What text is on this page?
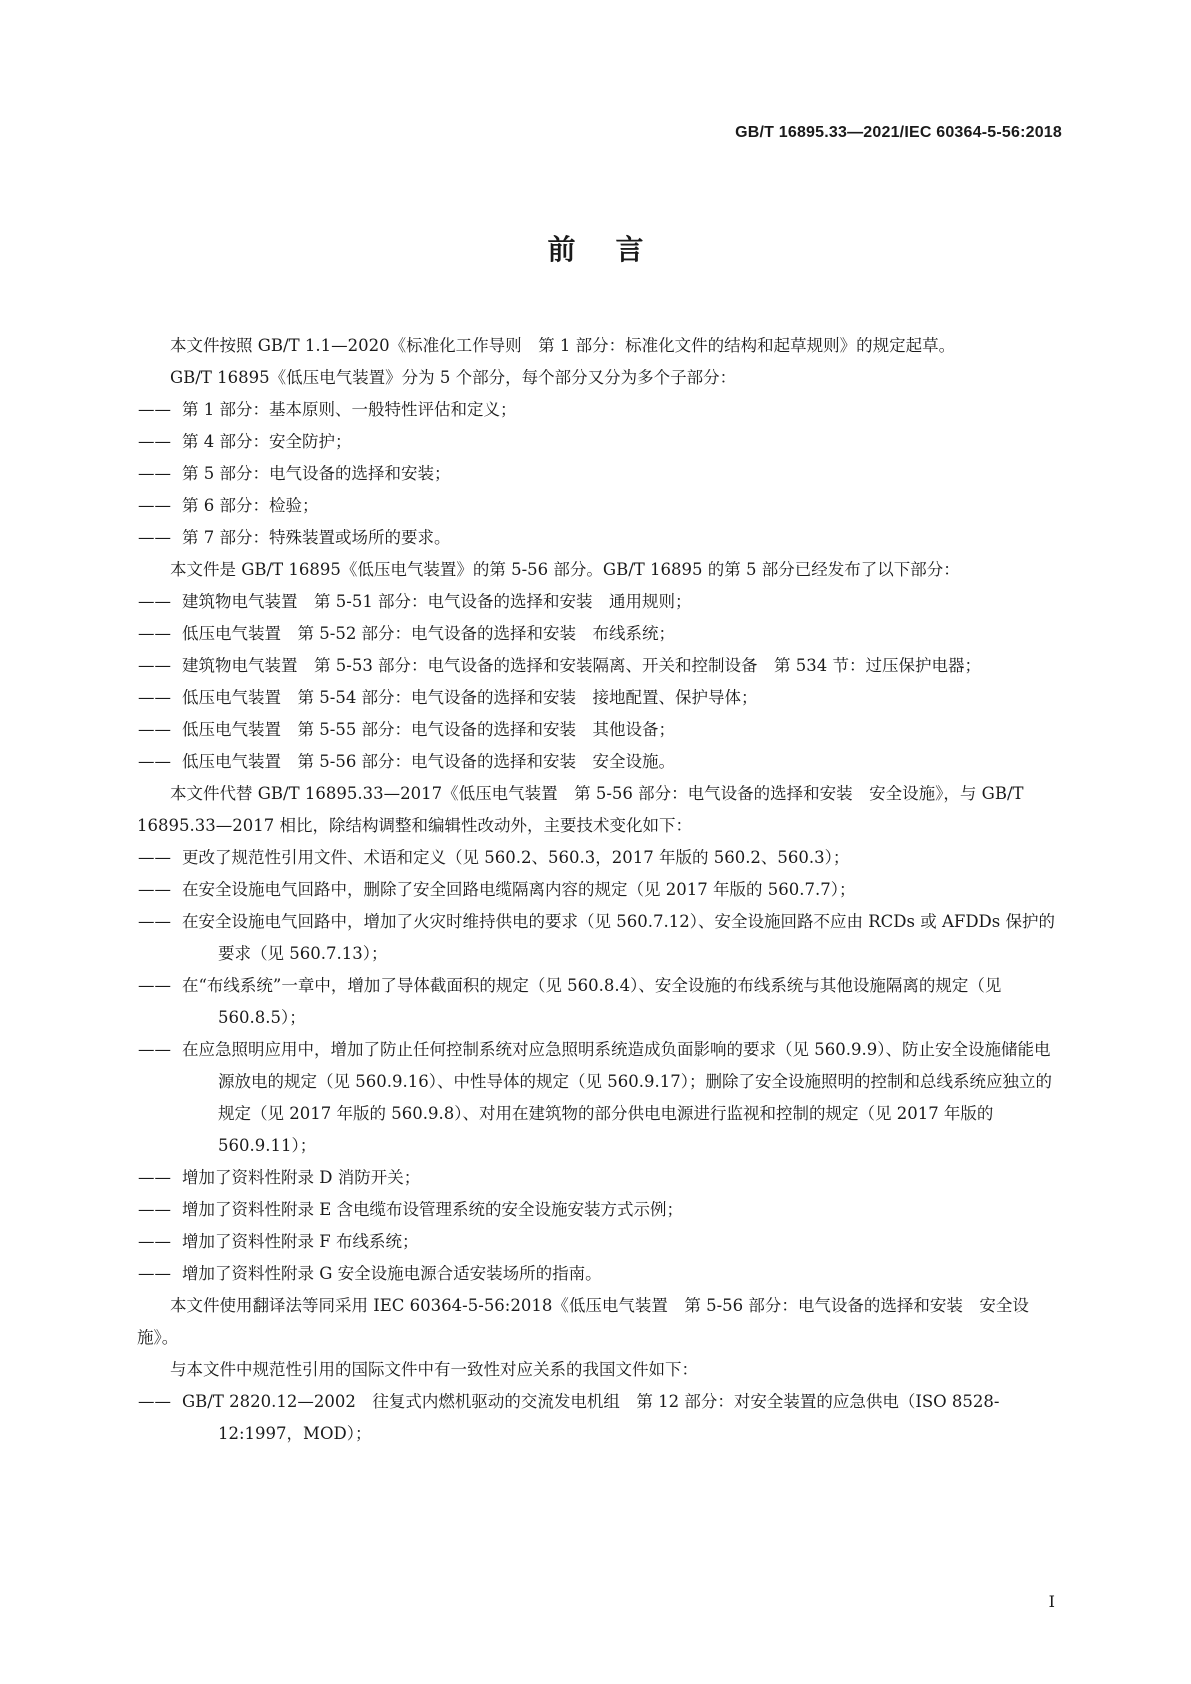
GB/T 16895.33—2021/IEC 60364-5-56:2018
前言
本文件按照 GB/T 1.1—2020《标准化工作导则　第 1 部分：标准化文件的结构和起草规则》的规定起草。
GB/T 16895《低压电气装置》分为 5 个部分，每个部分又分为多个子部分：
—— 第 1 部分：基本原则、一般特性评估和定义；
—— 第 4 部分：安全防护；
—— 第 5 部分：电气设备的选择和安装；
—— 第 6 部分：检验；
—— 第 7 部分：特殊装置或场所的要求。
本文件是 GB/T 16895《低压电气装置》的第 5-56 部分。GB/T 16895 的第 5 部分已经发布了以下部分：
—— 建筑物电气装置　第 5-51 部分：电气设备的选择和安装　通用规则；
—— 低压电气装置　第 5-52 部分：电气设备的选择和安装　布线系统；
—— 建筑物电气装置　第 5-53 部分：电气设备的选择和安装隔离、开关和控制设备　第 534 节：过压保护电器；
—— 低压电气装置　第 5-54 部分：电气设备的选择和安装　接地配置、保护导体；
—— 低压电气装置　第 5-55 部分：电气设备的选择和安装　其他设备；
—— 低压电气装置　第 5-56 部分：电气设备的选择和安装　安全设施。
本文件代替 GB/T 16895.33—2017《低压电气装置　第 5-56 部分：电气设备的选择和安装　安全设施》，与 GB/T 16895.33—2017 相比，除结构调整和编辑性改动外，主要技术变化如下：
—— 更改了规范性引用文件、术语和定义（见 560.2、560.3，2017 年版的 560.2、560.3）；
—— 在安全设施电气回路中，删除了安全回路电缆隔离内容的规定（见 2017 年版的 560.7.7）；
—— 在安全设施电气回路中，增加了火灾时维持供电的要求（见 560.7.12）、安全设施回路不应由 RCDs 或 AFDDs 保护的要求（见 560.7.13）；
—— 在“布线系统”一章中，增加了导体截面积的规定（见 560.8.4）、安全设施的布线系统与其他设施隔离的规定（见 560.8.5）；
—— 在应急照明应用中，增加了防止任何控制系统对应急照明系统造成负面影响的要求（见 560.9.9）、防止安全设施储能电源放电的规定（见 560.9.16）、中性导体的规定（见 560.9.17）；删除了安全设施照明的控制和总线系统应独立的规定（见 2017 年版的 560.9.8）、对用在建筑物的部分供电电源进行监视和控制的规定（见 2017 年版的 560.9.11）；
—— 增加了资料性附录 D 消防开关；
—— 增加了资料性附录 E 含电缆布设管理系统的安全设施安装方式示例；
—— 增加了资料性附录 F 布线系统；
—— 增加了资料性附录 G 安全设施电源合适安装场所的指南。
本文件使用翻译法等同采用 IEC 60364-5-56:2018《低压电气装置　第 5-56 部分：电气设备的选择和安装　安全设施》。
与本文件中规范性引用的国际文件中有一致性对应关系的我国文件如下：
—— GB/T 2820.12—2002　往复式内燃机驱动的交流发电机组　第 12 部分：对安全装置的应急供电（ISO 8528-12:1997，MOD）；
I
